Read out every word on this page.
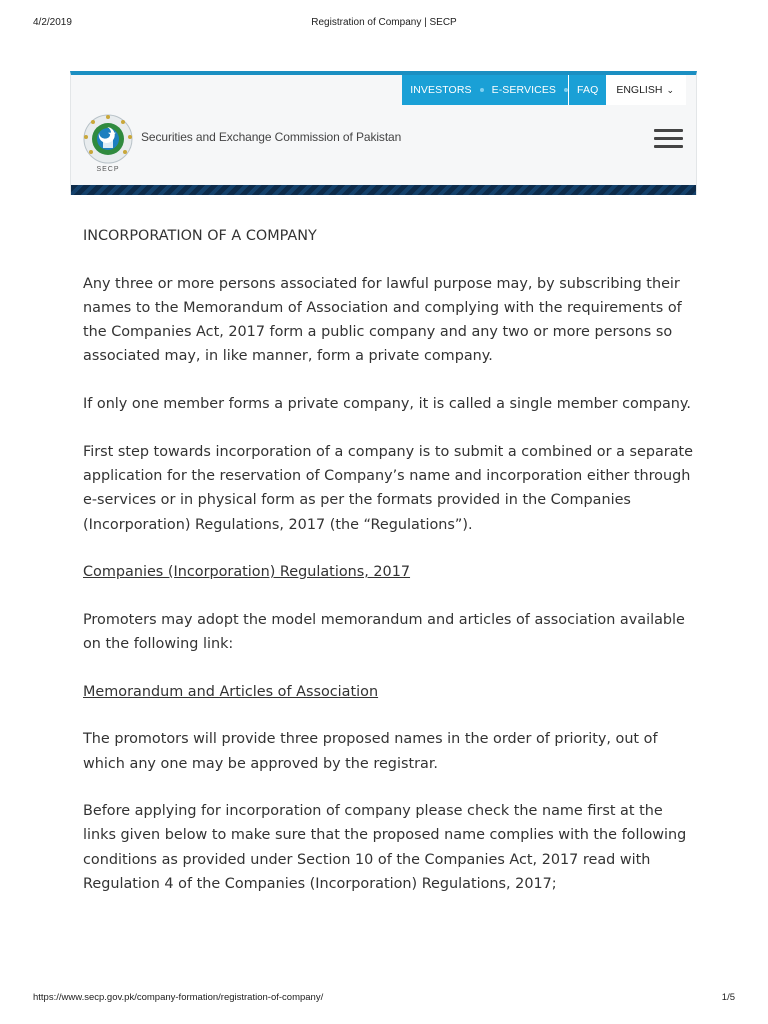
4/2/2019	Registration of Company | SECP
INVESTORS	E-SERVICES	FAQ	ENGLISH ⌄
SECP
Securities and Exchange Commission of Pakistan
INCORPORATION OF A COMPANY

Any three or more persons associated for lawful purpose may, by subscribing their names to the Memorandum of Association and complying with the requirements of the Companies Act, 2017 form a public company and any two or more persons so associated may, in like manner, form a private company.

If only one member forms a private company, it is called a single member company.

First step towards incorporation of a company is to submit a combined or a separate application for the reservation of Company’s name and incorporation either through e-services or in physical form as per the formats provided in the Companies (Incorporation) Regulations, 2017 (the “Regulations”).

Companies (Incorporation) Regulations, 2017

Promoters may adopt the model memorandum and articles of association available on the following link:

Memorandum and Articles of Association

The promotors will provide three proposed names in the order of priority, out of which any one may be approved by the registrar.

Before applying for incorporation of company please check the name first at the links given below to make sure that the proposed name complies with the following conditions as provided under Section 10 of the Companies Act, 2017 read with Regulation 4 of the Companies (Incorporation) Regulations, 2017;

https://www.secp.gov.pk/company-formation/registration-of-company/	1/5
